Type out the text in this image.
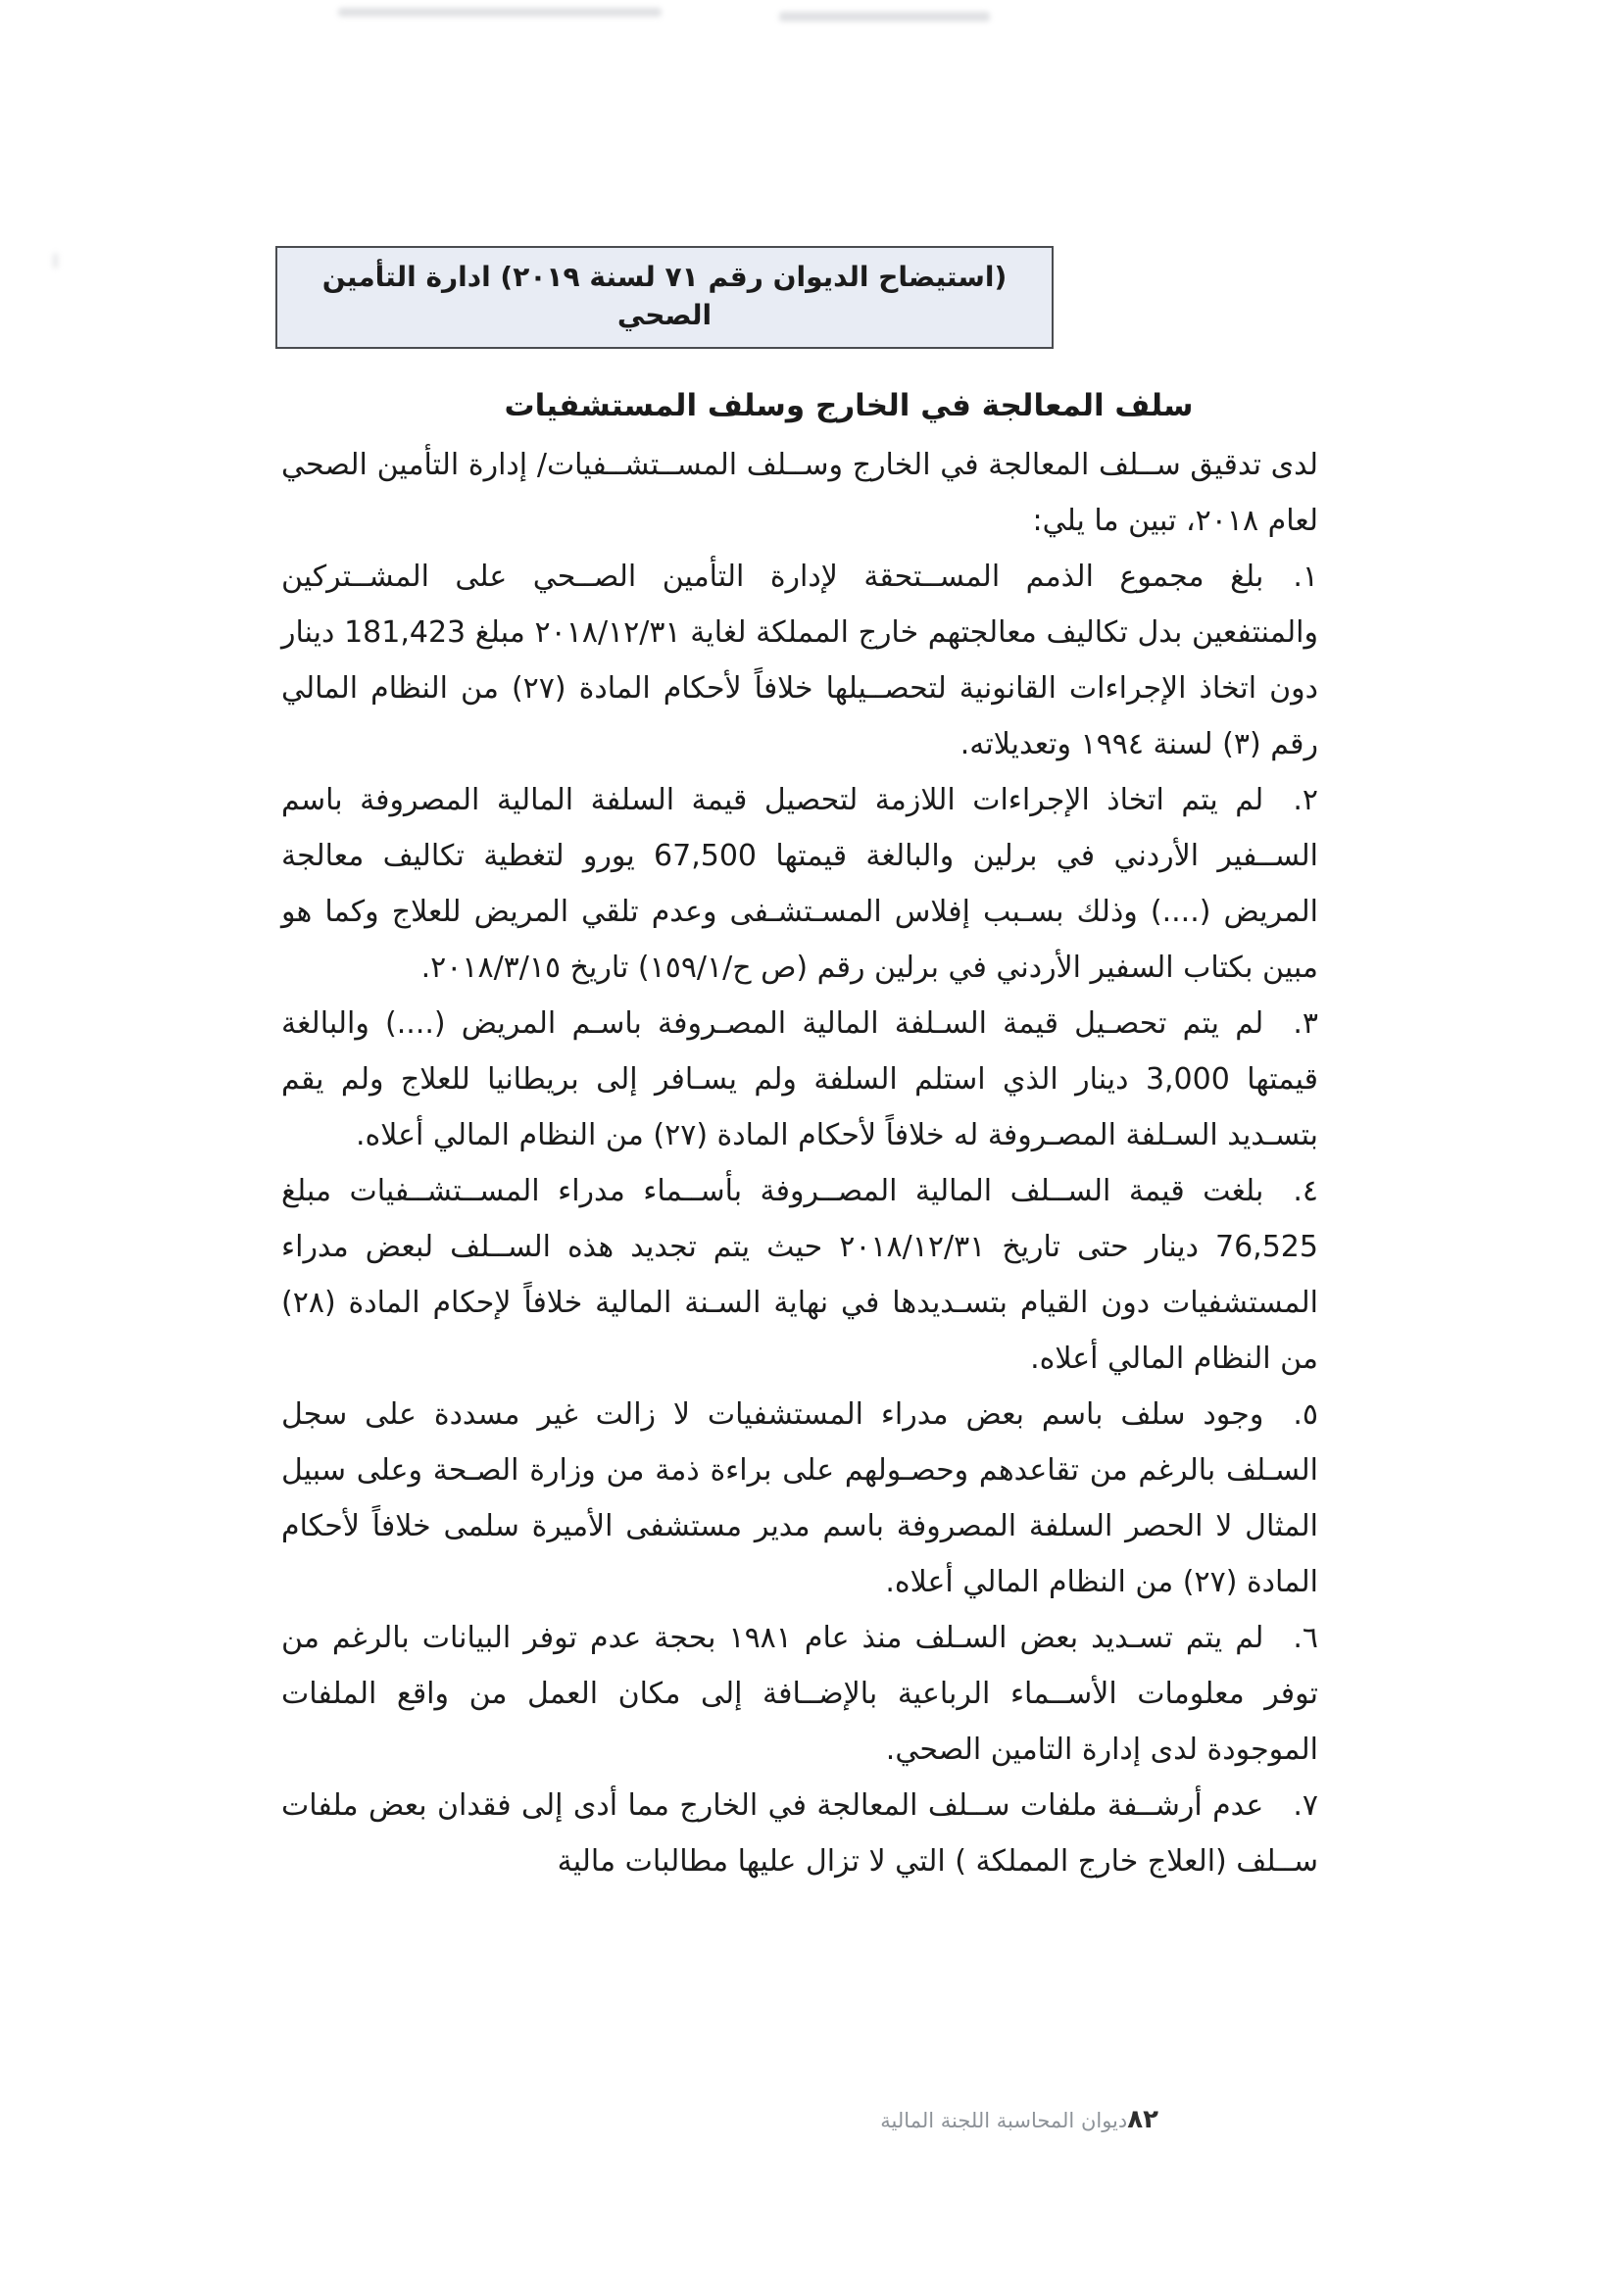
(استيضاح الديوان رقم ٧١ لسنة ٢٠١٩) ادارة التأمين الصحي
سلف المعالجة في الخارج وسلف المستشفيات

لدى تدقيق ســلف المعالجة في الخارج وســلف المســتشــفيات/ إدارة التأمين الصحي لعام ٢٠١٨، تبين ما يلي:

١.بلغ مجموع الذمم المســتحقة لإدارة التأمين الصــحي على المشــتركين والمنتفعين بدل تكاليف معالجتهم خارج المملكة لغاية ٢٠١٨/١٢/٣١ مبلغ 181,423 دينار دون اتخاذ الإجراءات القانونية لتحصــيلها خلافاً لأحكام المادة (٢٧) من النظام المالي رقم (٣) لسنة ١٩٩٤ وتعديلاته.
٢.لم يتم اتخاذ الإجراءات اللازمة لتحصيل قيمة السلفة المالية المصروفة باسم الســفير الأردني في برلين والبالغة قيمتها 67,500 يورو لتغطية تكاليف معالجة المريض (....) وذلك بسـبب إفلاس المسـتشـفى وعدم تلقي المريض للعلاج وكما هو مبين بكتاب السفير الأردني في برلين رقم (ص ح/١٥٩/١) تاريخ ٢٠١٨/٣/١٥.
٣.لم يتم تحصـيل قيمة السـلفة المالية المصـروفة باسـم المريض (....) والبالغة قيمتها 3,000 دينار الذي استلم السلفة ولم يسـافر إلى بريطانيا للعلاج ولم يقم بتسـديد السـلفة المصـروفة له خلافاً لأحكام المادة (٢٧) من النظام المالي أعلاه.
٤.بلغت قيمة الســلف المالية المصــروفة بأســماء مدراء المســتشــفيات مبلغ 76,525 دينار حتى تاريخ ٢٠١٨/١٢/٣١ حيث يتم تجديد هذه الســلف لبعض مدراء المستشفيات دون القيام بتسـديدها في نهاية السـنة المالية خلافاً لإحكام المادة (٢٨) من النظام المالي أعلاه.
٥.وجود سلف باسم بعض مدراء المستشفيات لا زالت غير مسددة على سجل السـلف بالرغم من تقاعدهم وحصـولهم على براءة ذمة من وزارة الصـحة وعلى سبيل المثال لا الحصر السلفة المصروفة باسم مدير مستشفى الأميرة سلمى خلافاً لأحكام المادة (٢٧) من النظام المالي أعلاه.
٦.لم يتم تسـديد بعض السـلف منذ عام ١٩٨١ بحجة عدم توفر البيانات بالرغم من توفر معلومات الأســماء الرباعية بالإضــافة إلى مكان العمل من واقع الملفات الموجودة لدى إدارة التامين الصحي.
٧.عدم أرشــفة ملفات ســلف المعالجة في الخارج مما أدى إلى فقدان بعض ملفات ســلف (العلاج خارج المملكة ) التي لا تزال عليها مطالبات مالية
٨٢ديوان المحاسبة اللجنة المالية
